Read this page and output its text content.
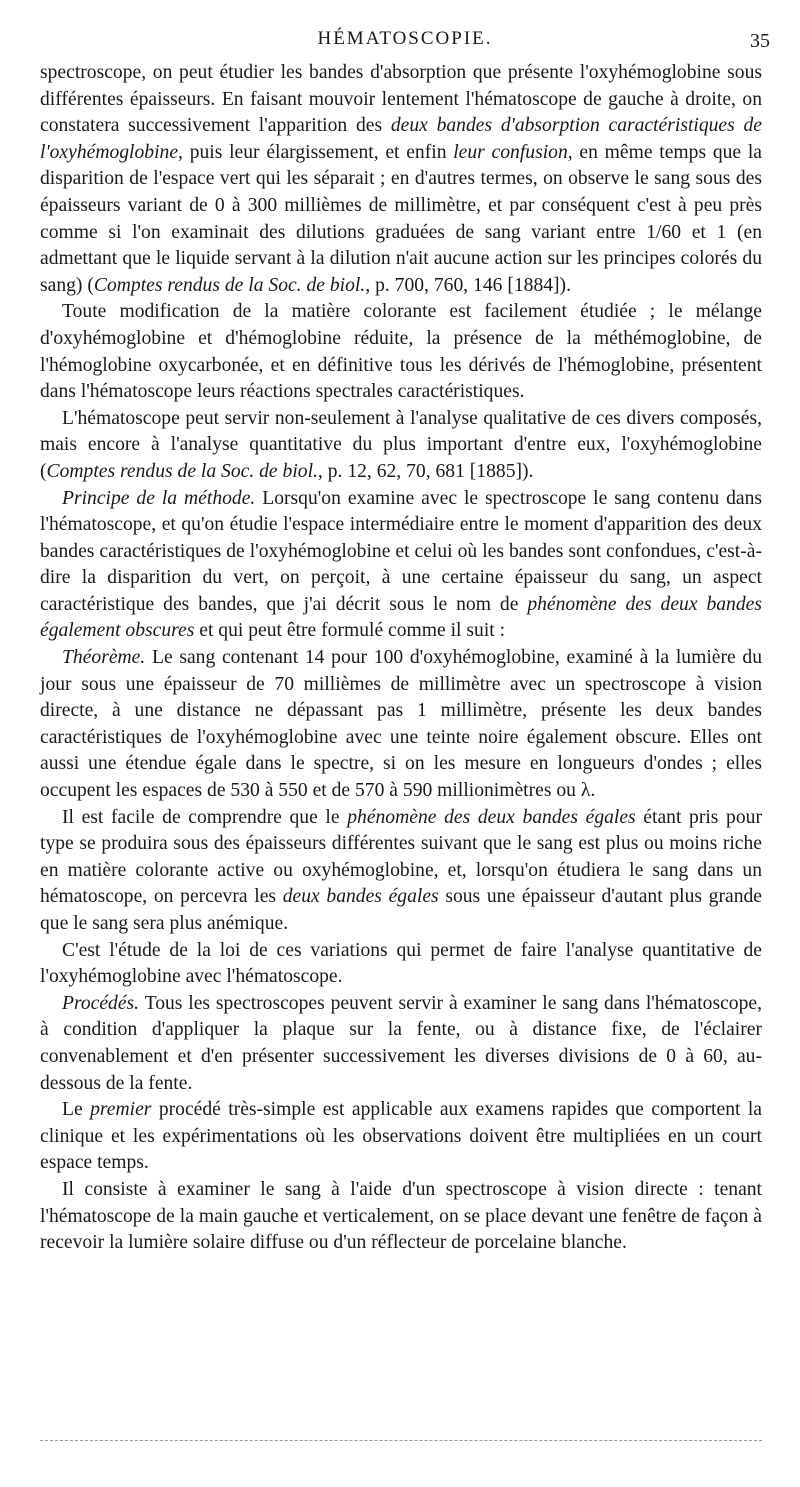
HÉMATOSCOPIE.	35

spectroscope, on peut étudier les bandes d'absorption que présente l'oxyhémoglobine sous différentes épaisseurs. En faisant mouvoir lentement l'hématoscope de gauche à droite, on constatera successivement l'apparition des deux bandes d'absorption caractéristiques de l'oxyhémoglobine, puis leur élargissement, et enfin leur confusion, en même temps que la disparition de l'espace vert qui les séparait ; en d'autres termes, on observe le sang sous des épaisseurs variant de 0 à 300 millièmes de millimètre, et par conséquent c'est à peu près comme si l'on examinait des dilutions graduées de sang variant entre 1/60 et 1 (en admettant que le liquide servant à la dilution n'ait aucune action sur les principes colorés du sang) (Comptes rendus de la Soc. de biol., p. 700, 760, 146 [1884]).

Toute modification de la matière colorante est facilement étudiée ; le mélange d'oxyhémoglobine et d'hémoglobine réduite, la présence de la méthémoglobine, de l'hémoglobine oxycarbonée, et en définitive tous les dérivés de l'hémoglobine, présentent dans l'hématoscope leurs réactions spectrales caractéristiques.

L'hématoscope peut servir non-seulement à l'analyse qualitative de ces divers composés, mais encore à l'analyse quantitative du plus important d'entre eux, l'oxyhémoglobine (Comptes rendus de la Soc. de biol., p. 12, 62, 70, 681 [1885]).

Principe de la méthode. Lorsqu'on examine avec le spectroscope le sang contenu dans l'hématoscope, et qu'on étudie l'espace intermédiaire entre le moment d'apparition des deux bandes caractéristiques de l'oxyhémoglobine et celui où les bandes sont confondues, c'est-à-dire la disparition du vert, on perçoit, à une certaine épaisseur du sang, un aspect caractéristique des bandes, que j'ai décrit sous le nom de phénomène des deux bandes également obscures et qui peut être formulé comme il suit :

Théorème. Le sang contenant 14 pour 100 d'oxyhémoglobine, examiné à la lumière du jour sous une épaisseur de 70 millièmes de millimètre avec un spectroscope à vision directe, à une distance ne dépassant pas 1 millimètre, présente les deux bandes caractéristiques de l'oxyhémoglobine avec une teinte noire également obscure. Elles ont aussi une étendue égale dans le spectre, si on les mesure en longueurs d'ondes ; elles occupent les espaces de 530 à 550 et de 570 à 590 millionimètres ou λ.

Il est facile de comprendre que le phénomène des deux bandes égales étant pris pour type se produira sous des épaisseurs différentes suivant que le sang est plus ou moins riche en matière colorante active ou oxyhémoglobine, et, lorsqu'on étudiera le sang dans un hématoscope, on percevra les deux bandes égales sous une épaisseur d'autant plus grande que le sang sera plus anémique.

C'est l'étude de la loi de ces variations qui permet de faire l'analyse quantitative de l'oxyhémoglobine avec l'hématoscope.

Procédés. Tous les spectroscopes peuvent servir à examiner le sang dans l'hématoscope, à condition d'appliquer la plaque sur la fente, ou à distance fixe, de l'éclairer convenablement et d'en présenter successivement les diverses divisions de 0 à 60, au-dessous de la fente.

Le premier procédé très-simple est applicable aux examens rapides que comportent la clinique et les expérimentations où les observations doivent être multipliées en un court espace temps.

Il consiste à examiner le sang à l'aide d'un spectroscope à vision directe : tenant l'hématoscope de la main gauche et verticalement, on se place devant une fenêtre de façon à recevoir la lumière solaire diffuse ou d'un réflecteur de porcelaine blanche.
